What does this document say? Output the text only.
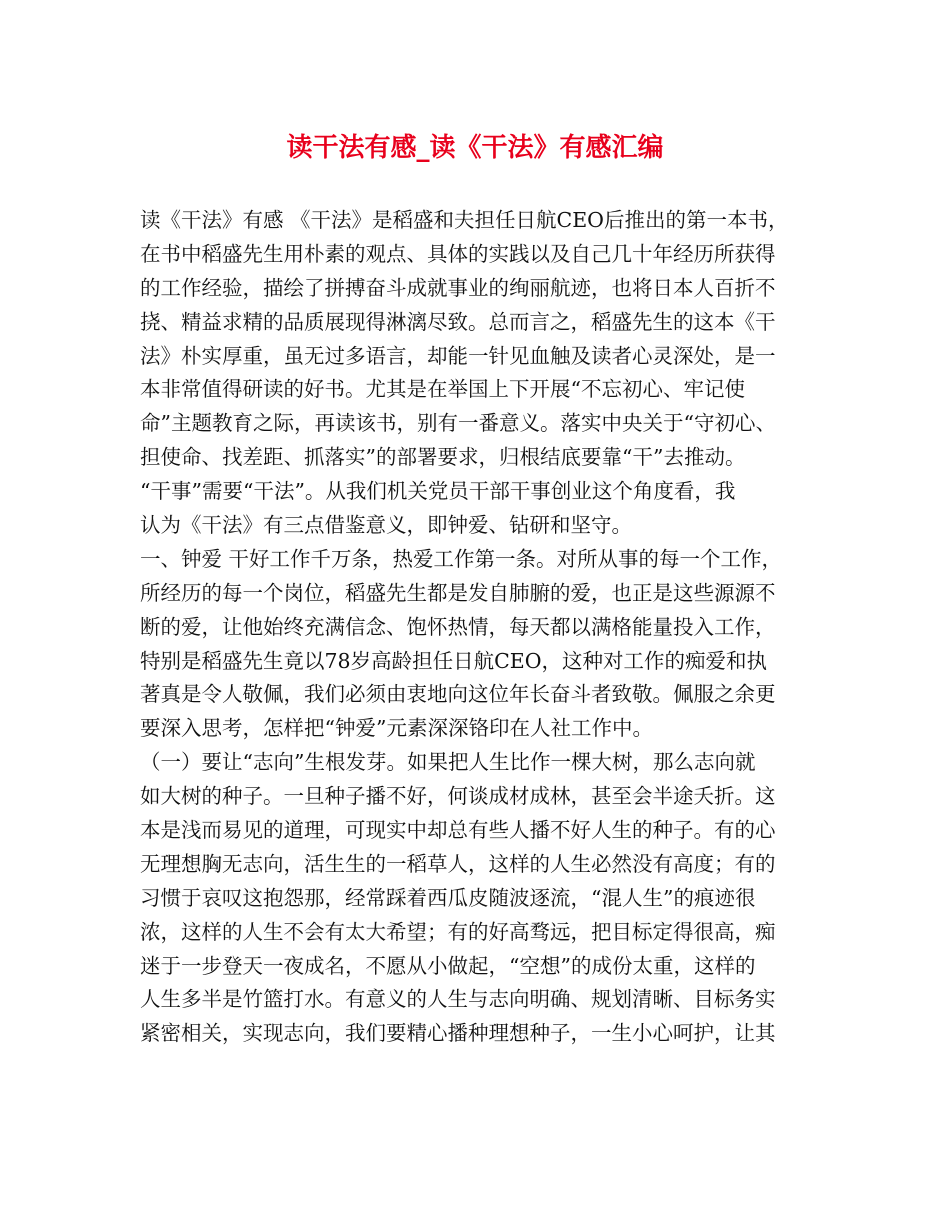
读干法有感_读《干法》有感汇编

读《干法》有感 《干法》是稻盛和夫担任日航CEO后推出的第一本书，

在书中稻盛先生用朴素的观点、具体的实践以及自己几十年经历所获得

的工作经验，描绘了拼搏奋斗成就事业的绚丽航迹，也将日本人百折不

挠、精益求精的品质展现得淋漓尽致。总而言之，稻盛先生的这本《干

法》朴实厚重，虽无过多语言，却能一针见血触及读者心灵深处，是一

本非常值得研读的好书。尤其是在举国上下开展“不忘初心、牢记使

命”主题教育之际，再读该书，别有一番意义。落实中央关于“守初心、

担使命、找差距、抓落实”的部署要求，归根结底要靠“干”去推动。

“干事”需要“干法”。从我们机关党员干部干事创业这个角度看，我

认为《干法》有三点借鉴意义，即钟爱、钻研和坚守。

一、钟爱 干好工作千万条，热爱工作第一条。对所从事的每一个工作，

所经历的每一个岗位，稻盛先生都是发自肺腑的爱，也正是这些源源不

断的爱，让他始终充满信念、饱怀热情，每天都以满格能量投入工作，

特别是稻盛先生竟以78岁高龄担任日航CEO，这种对工作的痴爱和执

著真是令人敬佩，我们必须由衷地向这位年长奋斗者致敬。佩服之余更

要深入思考，怎样把“钟爱”元素深深铬印在人社工作中。

（一）要让“志向”生根发芽。如果把人生比作一棵大树，那么志向就

如大树的种子。一旦种子播不好，何谈成材成林，甚至会半途夭折。这

本是浅而易见的道理，可现实中却总有些人播不好人生的种子。有的心

无理想胸无志向，活生生的一稻草人，这样的人生必然没有高度；有的

习惯于哀叹这抱怨那，经常踩着西瓜皮随波逐流，“混人生”的痕迹很

浓，这样的人生不会有太大希望；有的好高骛远，把目标定得很高，痴

迷于一步登天一夜成名，不愿从小做起，“空想”的成份太重，这样的

人生多半是竹篮打水。有意义的人生与志向明确、规划清晰、目标务实

紧密相关，实现志向，我们要精心播种理想种子，一生小心呵护，让其
